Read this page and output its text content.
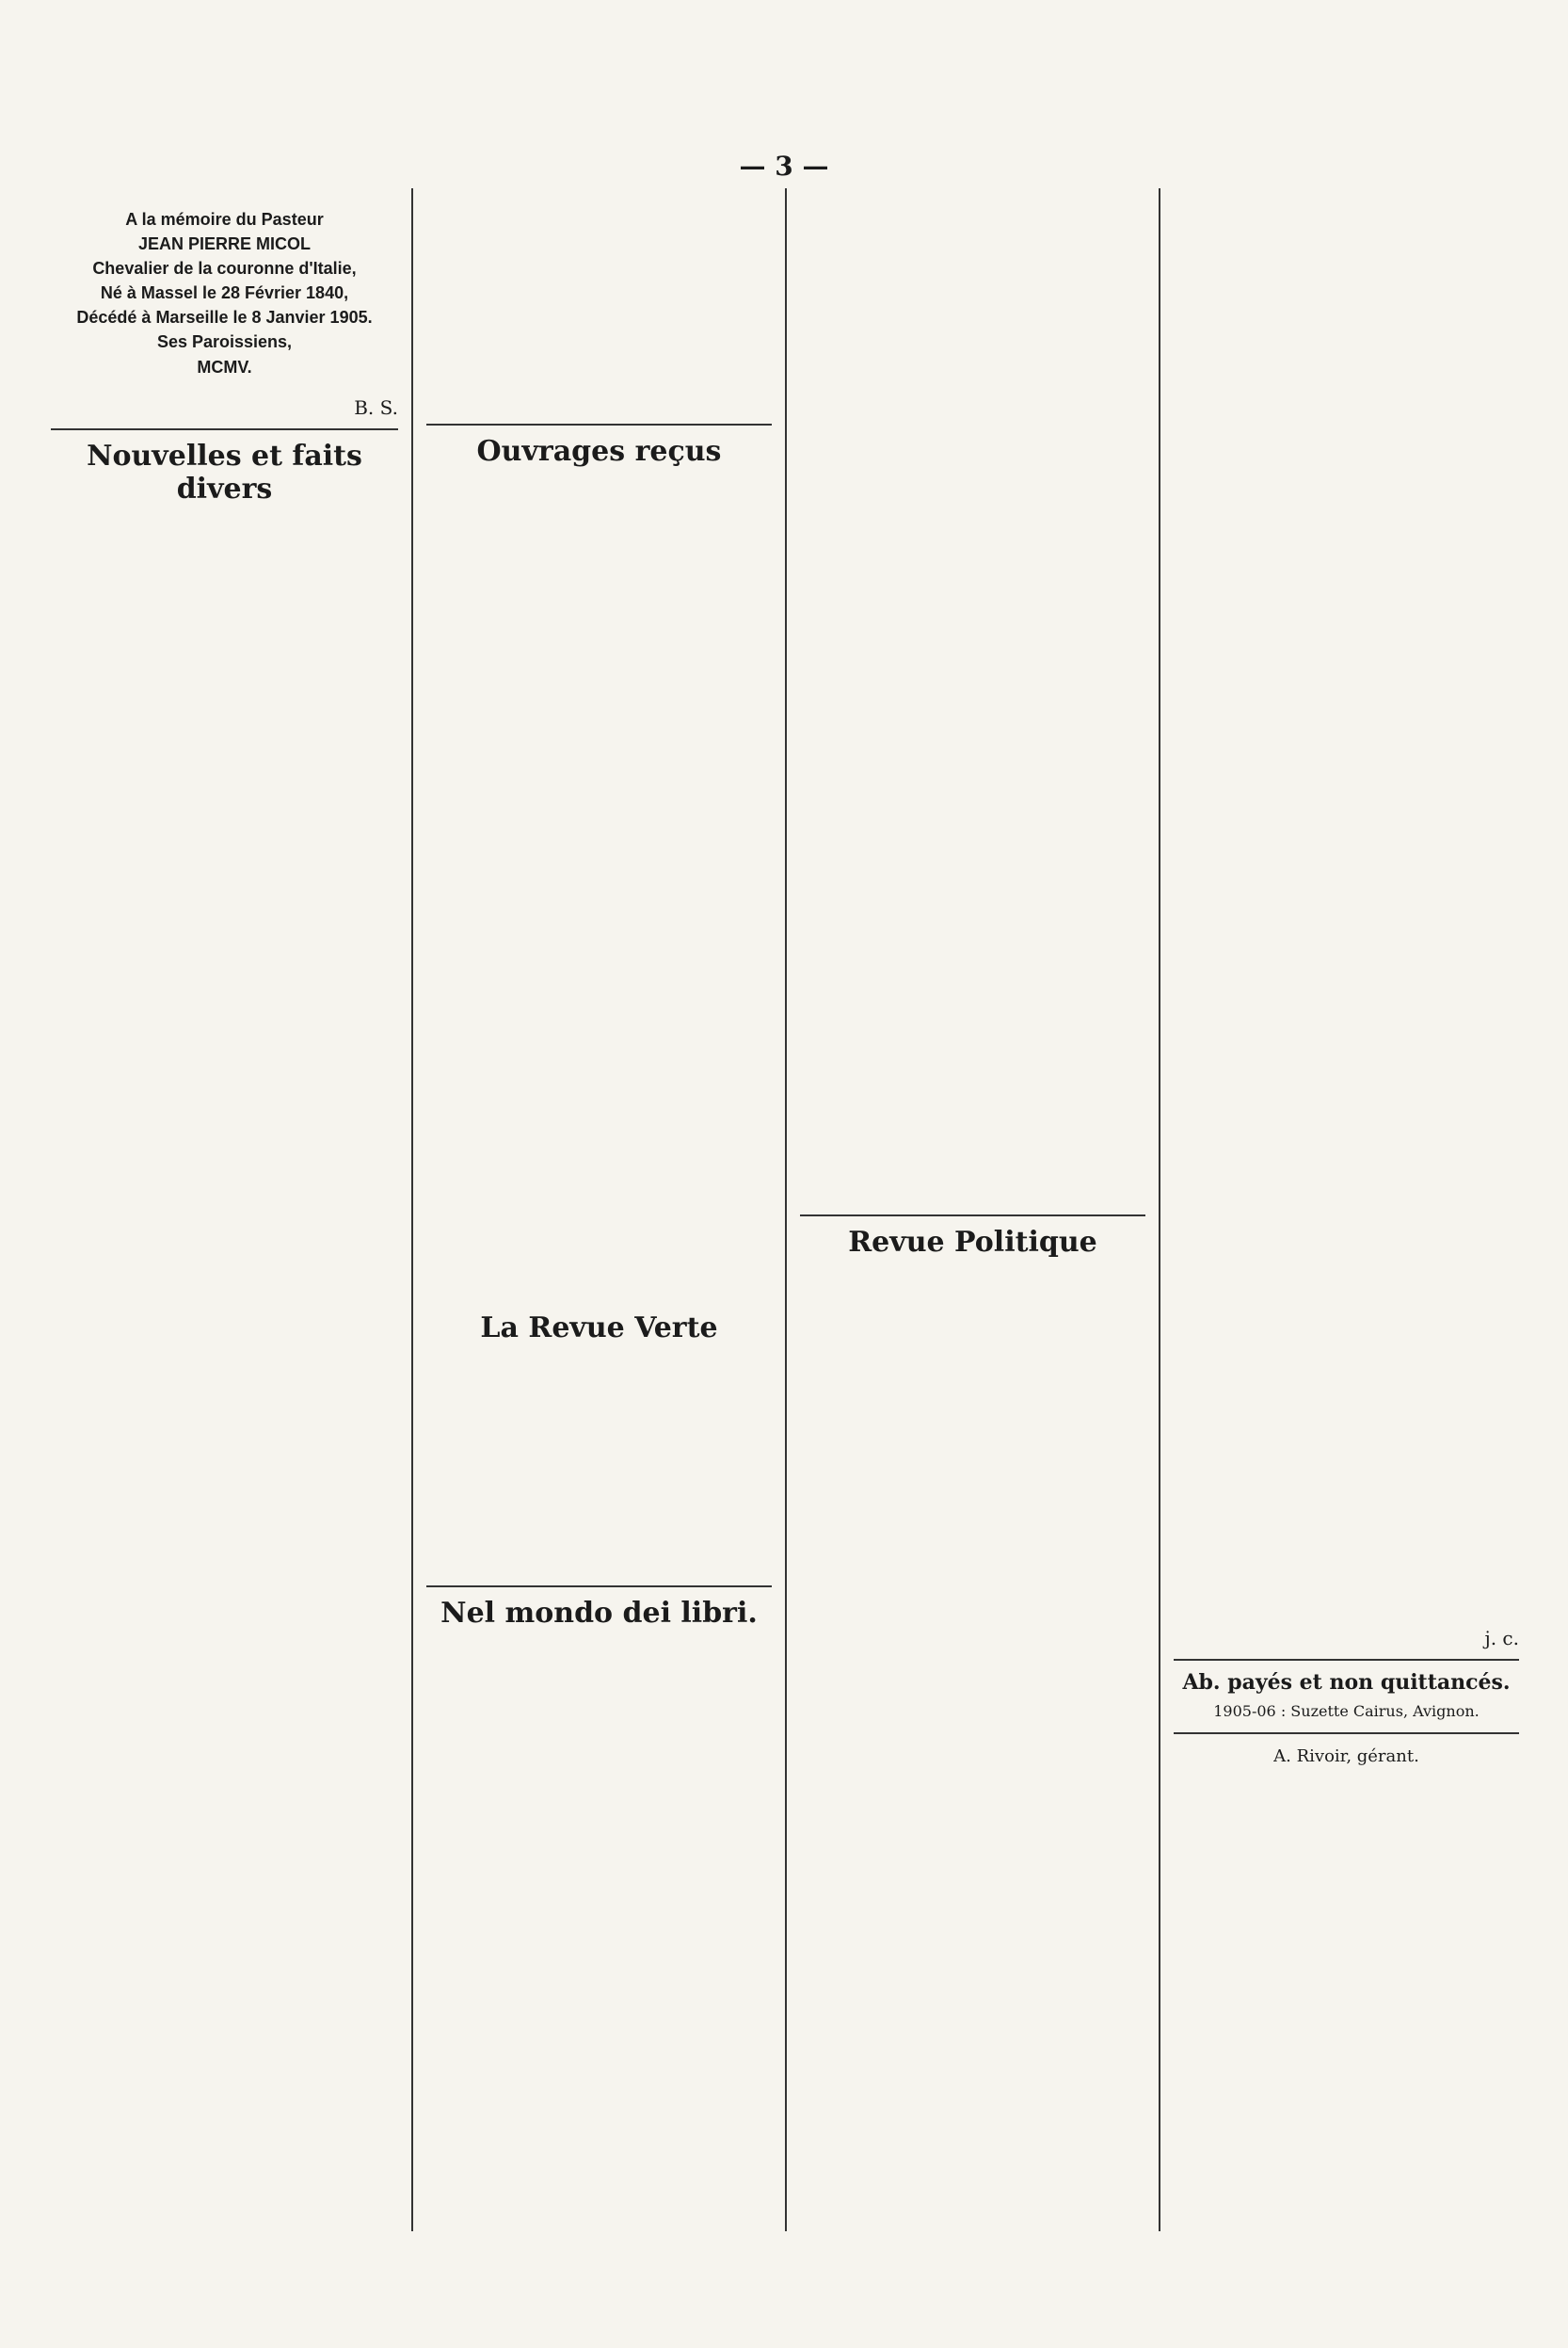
— 3 —
A la mémoire du Pasteur
JEAN PIERRE MICOL
Chevalier de la couronne d'Italie,
Né à Massel le 28 Février 1840,
Décédé à Marseille le 8 Janvier 1905.
Ses Paroissiens,
MCMV.
B. S.
Nouvelles et faits divers
Ouvrages reçus
La Revue Verte
Nel mondo dei libri.
Revue Politique
j. c.
Ab. payés et non quittancés.
1905-06 : Suzette Cairus, Avignon.
A. Rivoir, gérant.
